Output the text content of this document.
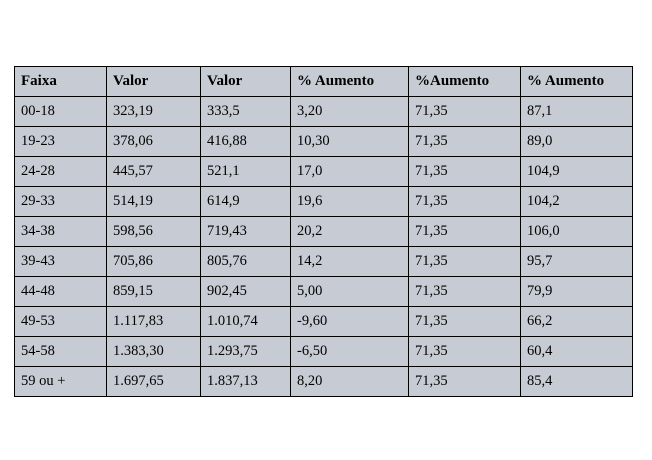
Faixa	Valor	Valor	% Aumento	%Aumento	% Aumento
00-18	323,19	333,5	3,20	71,35	87,1
19-23	378,06	416,88	10,30	71,35	89,0
24-28	445,57	521,1	17,0	71,35	104,9
29-33	514,19	614,9	19,6	71,35	104,2
34-38	598,56	719,43	20,2	71,35	106,0
39-43	705,86	805,76	14,2	71,35	95,7
44-48	859,15	902,45	5,00	71,35	79,9
49-53	1.117,83	1.010,74	-9,60	71,35	66,2
54-58	1.383,30	1.293,75	-6,50	71,35	60,4
59 ou +	1.697,65	1.837,13	8,20	71,35	85,4
